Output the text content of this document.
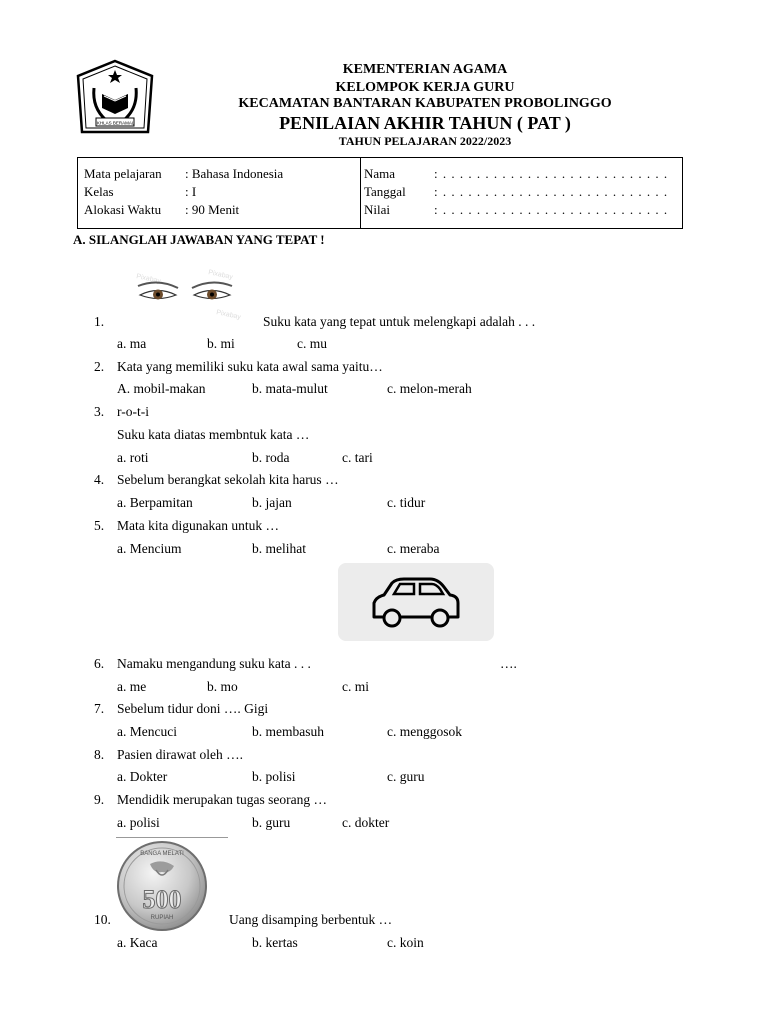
IKHLAS BERAMAL
KEMENTERIAN AGAMA
KELOMPOK KERJA GURU
KECAMATAN BANTARAN KABUPATEN PROBOLINGGO
PENILAIAN AKHIR TAHUN ( PAT )
TAHUN PELAJARAN 2022/2023
Mata pelajaran : Bahasa Indonesia
Kelas	: I
Alokasi Waktu : 90 Menit
Nama	: . . . . . . . . . . . . . . . . . . . . . . . . . . .
Tanggal : . . . . . . . . . . . . . . . . . . . . . . . . . . .
Nilai	: . . . . . . . . . . . . . . . . . . . . . . . . . . .
A. SILANGLAH JAWABAN YANG TEPAT !
Pixabay	Pixabay
Pixabay
1.	Suku kata yang tepat untuk melengkapi adalah . . .
a. ma	b. mi	c. mu
2. Kata yang memiliki suku kata awal sama yaitu…
A. mobil-makan	b. mata-mulut	c. melon-merah
3. r-o-t-i
Suku kata diatas membntuk kata …
a. roti	b. roda	c. tari
4. Sebelum berangkat sekolah kita harus …
a. Berpamitan	b. jajan	c. tidur
5. Mata kita digunakan untuk …
a. Mencium	b. melihat	c. meraba
6. Namaku mengandung suku kata . . .	….
a. me	b. mo	c. mi
7. Sebelum tidur doni …. Gigi
a. Mencuci	b. membasuh	c. menggosok
8. Pasien dirawat oleh ….
a. Dokter	b. polisi	c. guru
9. Mendidik merupakan tugas seorang …
a. polisi	b. guru	c. dokter
BANGA MELATI
500
RUPIAH
10.	Uang disamping berbentuk …
a. Kaca	b. kertas	c. koin
